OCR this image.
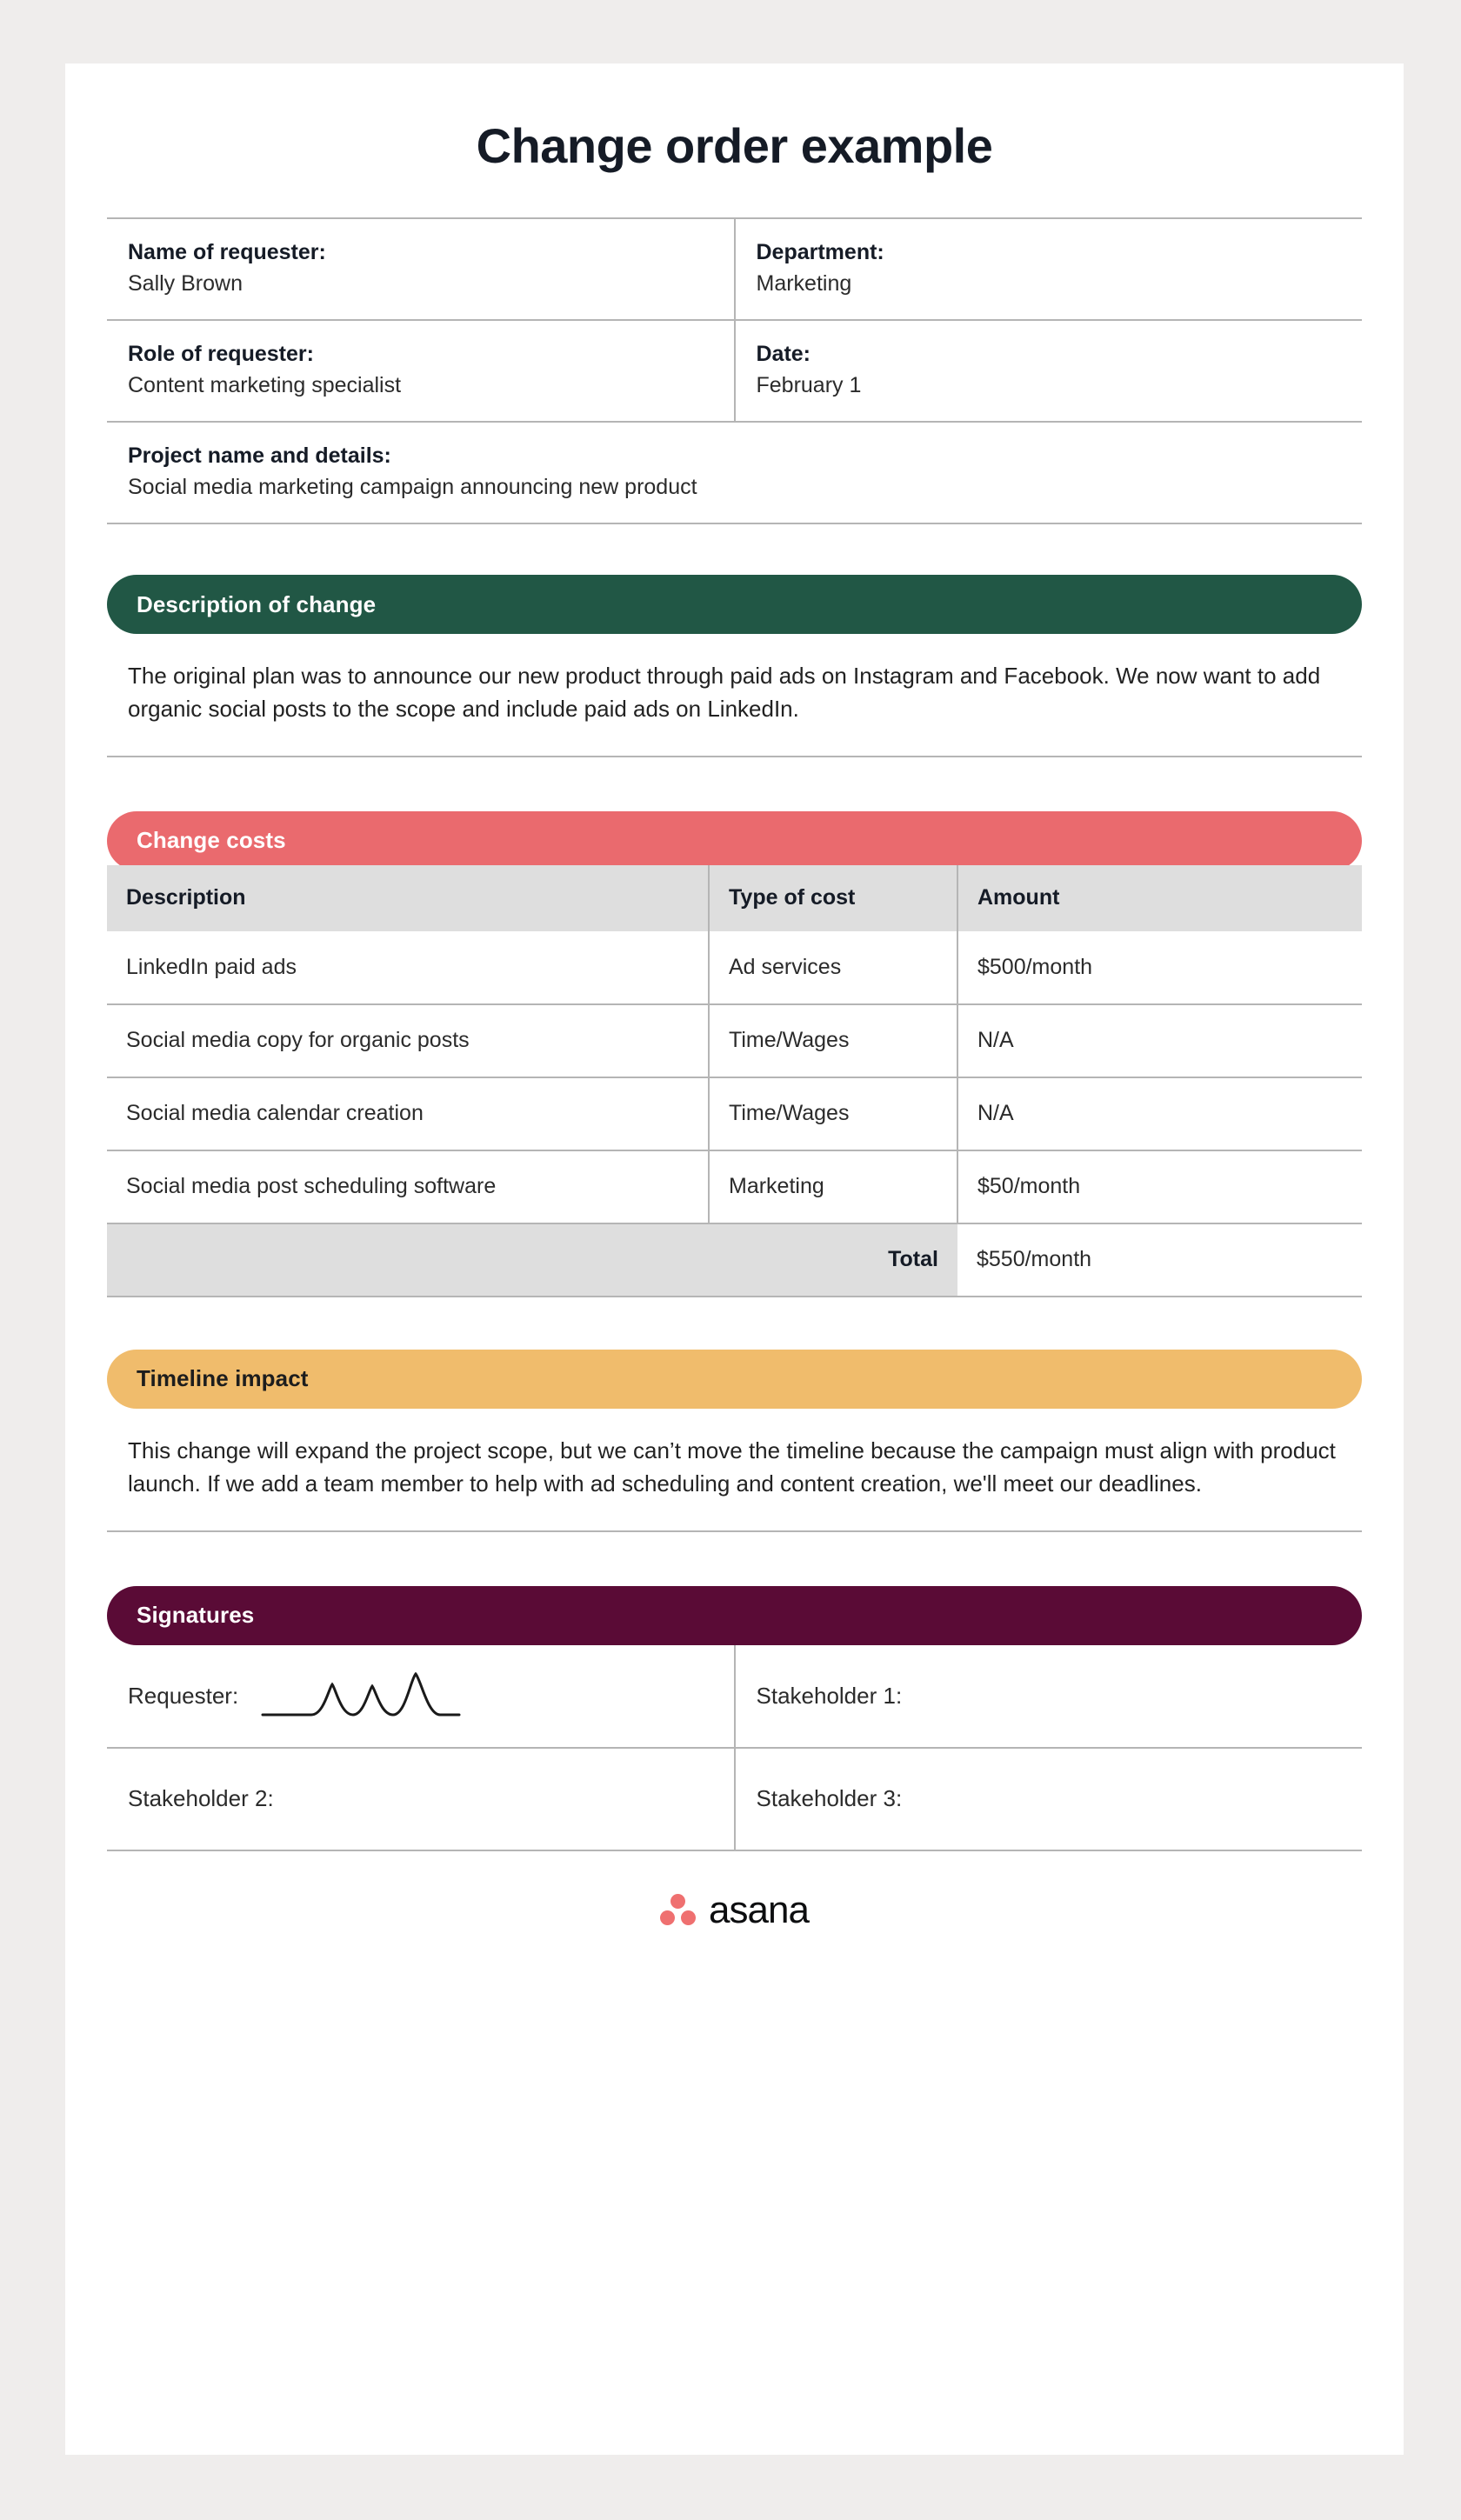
Change order example
Name of requester:
Sally Brown

Department:
Marketing

Role of requester:
Content marketing specialist

Date:
February 1

Project name and details:
Social media marketing campaign announcing new product	
Description of change
The original plan was to announce our new product through paid ads on Instagram and Facebook. We now want to add organic social posts to the scope and include paid ads on LinkedIn.
Change costs
Description	Type of cost	Amount
LinkedIn paid ads	Ad services	$500/month
Social media copy for organic posts	Time/Wages	N/A
Social media calendar creation	Time/Wages	N/A
Social media post scheduling software	Marketing	$50/month
Total		$550/month
Timeline impact
This change will expand the project scope, but we can’t move the timeline because the campaign must align with product launch. If we add a team member to help with ad scheduling and content creation, we'll meet our deadlines.
Signatures
Requester:	Stakeholder 1:
Stakeholder 2:	Stakeholder 3:
asana
